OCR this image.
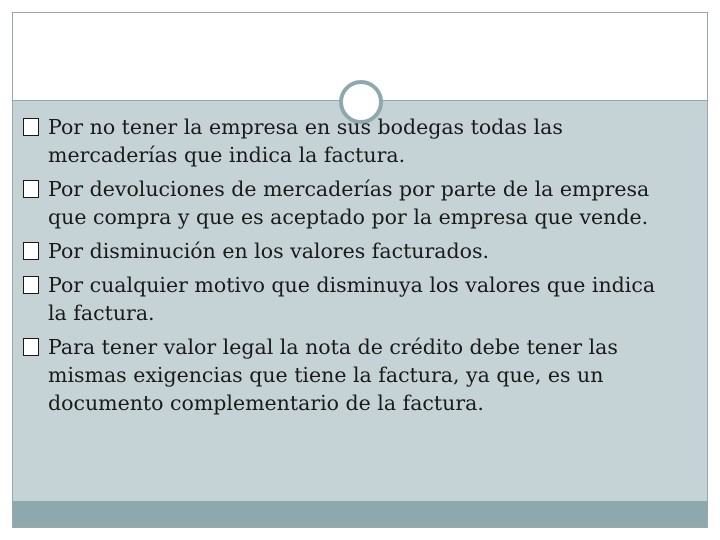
Por no tener la empresa en sus bodegas todas las mercaderías que indica la factura.
Por devoluciones de mercaderías por parte de la empresa que compra y que es aceptado por la empresa que vende.
Por disminución en los valores facturados.
Por cualquier motivo que disminuya los valores que indica la factura.
Para tener valor legal la nota de crédito debe tener las mismas exigencias que tiene la factura, ya que, es un documento complementario de la factura.
